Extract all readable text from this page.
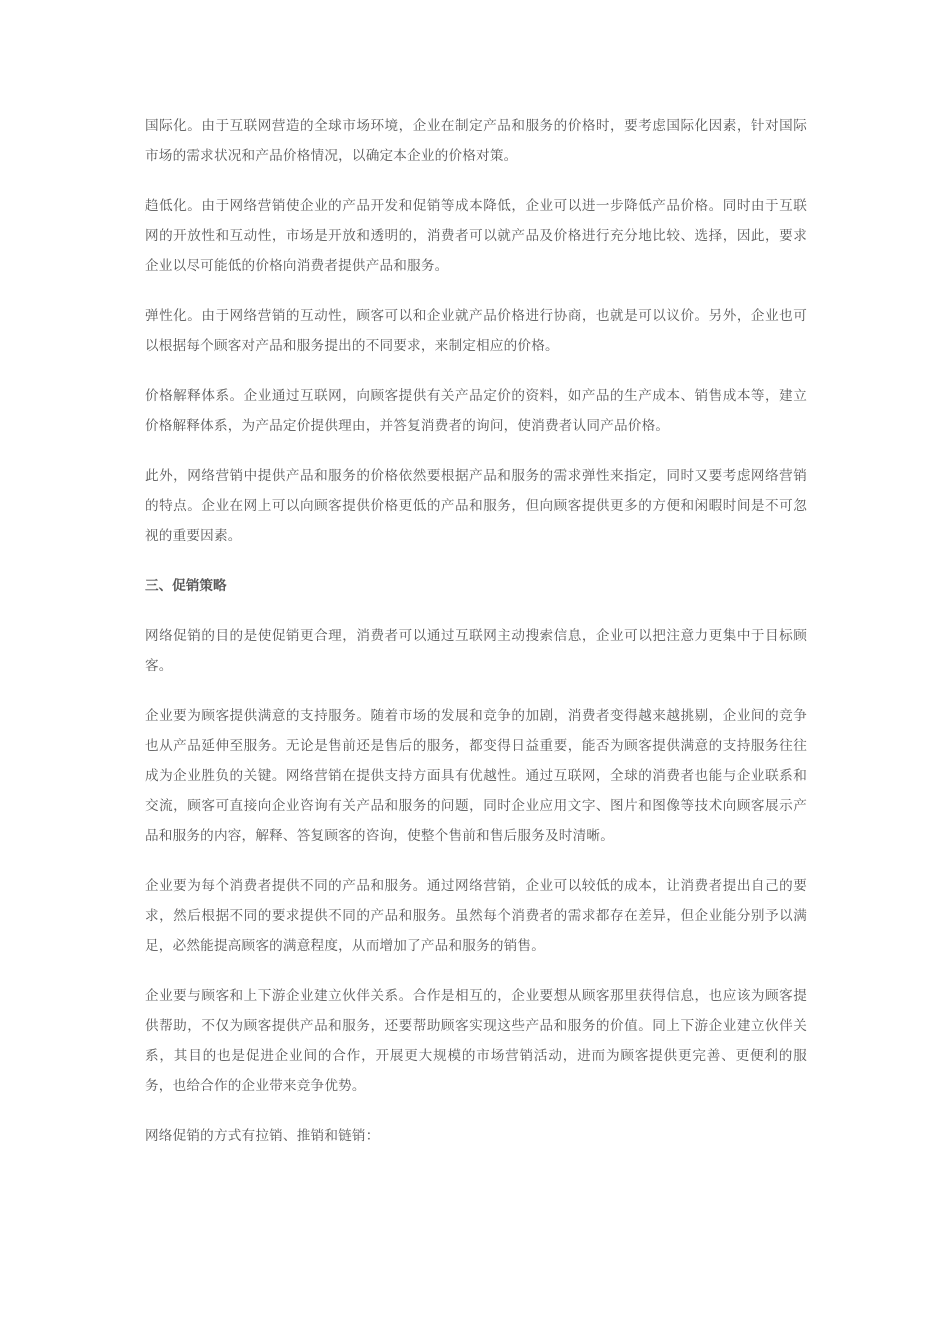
国际化。由于互联网营造的全球市场环境，企业在制定产品和服务的价格时，要考虑国际化因素，针对国际市场的需求状况和产品价格情况，以确定本企业的价格对策。

趋低化。由于网络营销使企业的产品开发和促销等成本降低，企业可以进一步降低产品价格。同时由于互联网的开放性和互动性，市场是开放和透明的，消费者可以就产品及价格进行充分地比较、选择，因此，要求企业以尽可能低的价格向消费者提供产品和服务。

弹性化。由于网络营销的互动性，顾客可以和企业就产品价格进行协商，也就是可以议价。另外，企业也可以根据每个顾客对产品和服务提出的不同要求，来制定相应的价格。

价格解释体系。企业通过互联网，向顾客提供有关产品定价的资料，如产品的生产成本、销售成本等，建立价格解释体系，为产品定价提供理由，并答复消费者的询问，使消费者认同产品价格。

此外，网络营销中提供产品和服务的价格依然要根据产品和服务的需求弹性来指定，同时又要考虑网络营销的特点。企业在网上可以向顾客提供价格更低的产品和服务，但向顾客提供更多的方便和闲暇时间是不可忽视的重要因素。

三、促销策略

网络促销的目的是使促销更合理，消费者可以通过互联网主动搜索信息，企业可以把注意力更集中于目标顾客。

企业要为顾客提供满意的支持服务。随着市场的发展和竞争的加剧，消费者变得越来越挑剔，企业间的竞争也从产品延伸至服务。无论是售前还是售后的服务，都变得日益重要，能否为顾客提供满意的支持服务往往成为企业胜负的关键。网络营销在提供支持方面具有优越性。通过互联网，全球的消费者也能与企业联系和交流，顾客可直接向企业咨询有关产品和服务的问题，同时企业应用文字、图片和图像等技术向顾客展示产品和服务的内容，解释、答复顾客的咨询，使整个售前和售后服务及时清晰。

企业要为每个消费者提供不同的产品和服务。通过网络营销，企业可以较低的成本，让消费者提出自己的要求，然后根据不同的要求提供不同的产品和服务。虽然每个消费者的需求都存在差异，但企业能分别予以满足，必然能提高顾客的满意程度，从而增加了产品和服务的销售。

企业要与顾客和上下游企业建立伙伴关系。合作是相互的，企业要想从顾客那里获得信息，也应该为顾客提供帮助，不仅为顾客提供产品和服务，还要帮助顾客实现这些产品和服务的价值。同上下游企业建立伙伴关系，其目的也是促进企业间的合作，开展更大规模的市场营销活动，进而为顾客提供更完善、更便利的服务，也给合作的企业带来竞争优势。

网络促销的方式有拉销、推销和链销：
